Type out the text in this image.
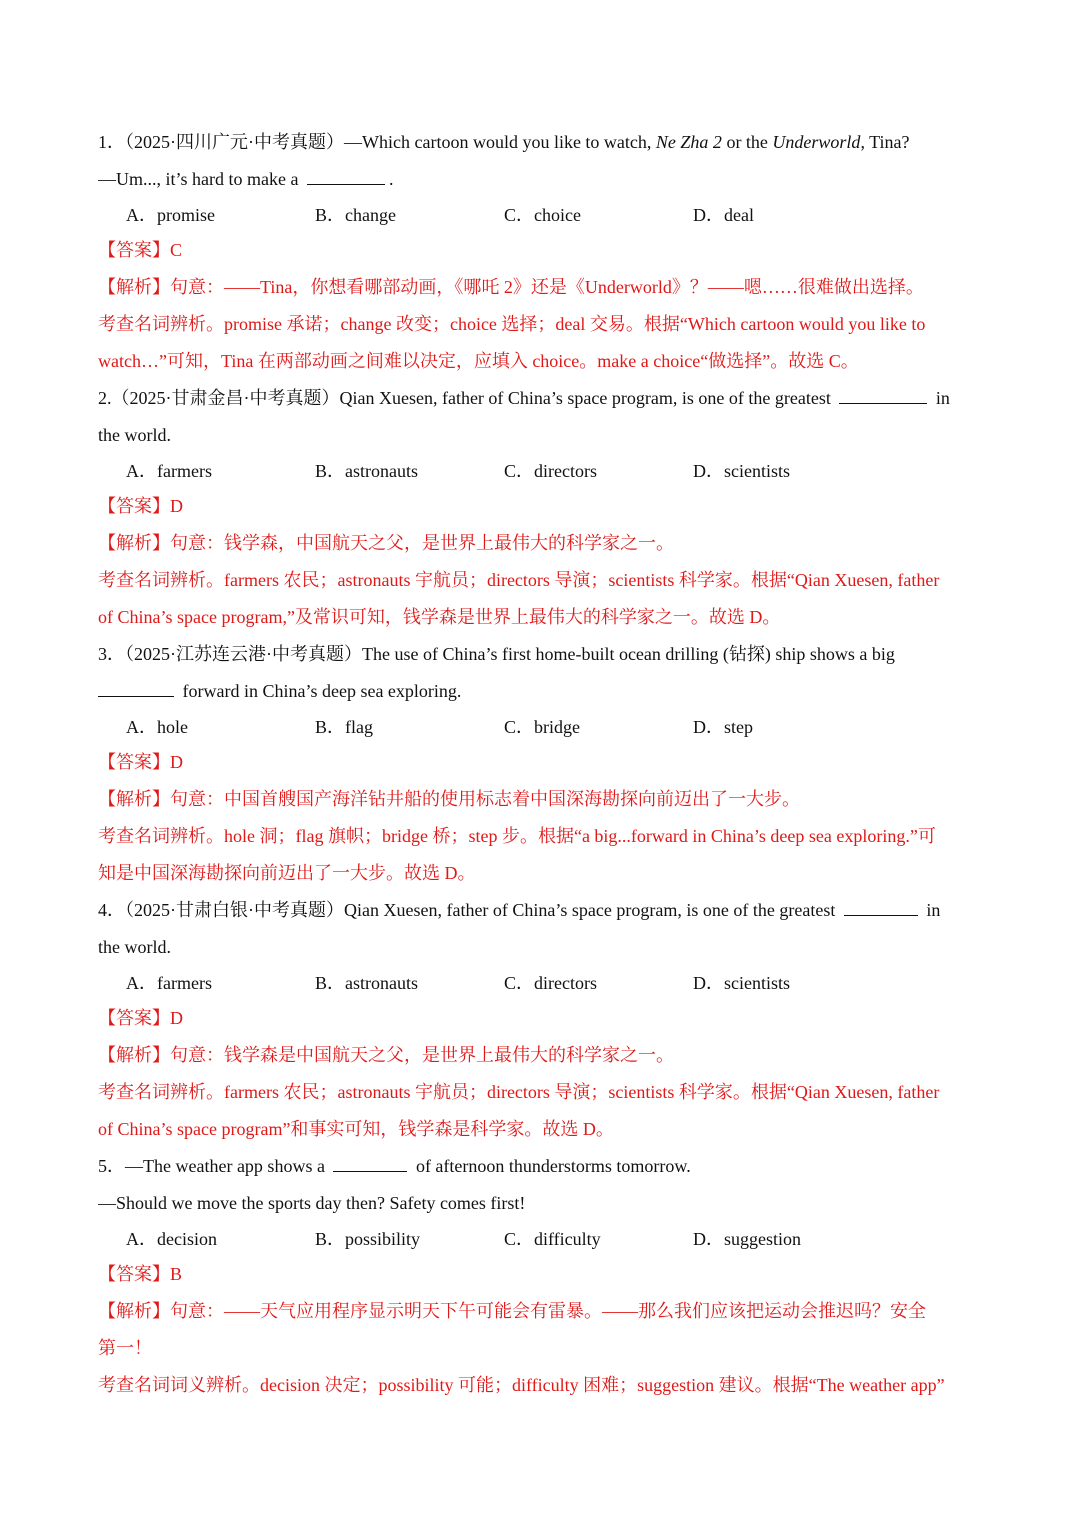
1．（2025·四川广元·中考真题）—Which cartoon would you like to watch, Ne Zha 2 or the Underworld, Tina?
—Um..., it’s hard to make a	.
A．promise	B．change	C．choice	D．deal
【答案】C
【解析】句意：——Tina，你想看哪部动画，《哪吒 2》还是《Underworld》？——嗯……很难做出选择。
考查名词辨析。promise 承诺；change 改变；choice 选择；deal 交易。根据“Which cartoon would you like to
watch…”可知，Tina 在两部动画之间难以决定，应填入 choice。make a choice“做选择”。故选 C。
2.（2025·甘肃金昌·中考真题）Qian Xuesen, father of China’s space program, is one of the greatest	in
the world.
A．farmers	B．astronauts	C．directors	D．scientists
【答案】D
【解析】句意：钱学森，中国航天之父，是世界上最伟大的科学家之一。
考查名词辨析。farmers 农民；astronauts 宇航员；directors 导演；scientists 科学家。根据“Qian Xuesen, father
of China’s space program,”及常识可知，钱学森是世界上最伟大的科学家之一。故选 D。
3．（2025·江苏连云港·中考真题）The use of China’s first home-built ocean drilling (钻探) ship shows a big
forward in China’s deep sea exploring.
A．hole	B．flag	C．bridge	D．step
【答案】D
【解析】句意：中国首艘国产海洋钻井船的使用标志着中国深海勘探向前迈出了一大步。
考查名词辨析。hole 洞；flag 旗帜；bridge 桥；step 步。根据“a big...forward in China’s deep sea exploring.”可
知是中国深海勘探向前迈出了一大步。故选 D。
4．（2025·甘肃白银·中考真题）Qian Xuesen, father of China’s space program, is one of the greatest	in
the world.
A．farmers	B．astronauts	C．directors	D．scientists
【答案】D
【解析】句意：钱学森是中国航天之父，是世界上最伟大的科学家之一。
考查名词辨析。farmers 农民；astronauts 宇航员；directors 导演；scientists 科学家。根据“Qian Xuesen, father
of China’s space program”和事实可知，钱学森是科学家。故选 D。
5．—The weather app shows a	of afternoon thunderstorms tomorrow.
—Should we move the sports day then? Safety comes first!
A．decision	B．possibility	C．difficulty	D．suggestion
【答案】B
【解析】句意：——天气应用程序显示明天下午可能会有雷暴。——那么我们应该把运动会推迟吗？安全
第一！
考查名词词义辨析。decision 决定；possibility 可能；difficulty 困难；suggestion 建议。根据“The weather app”
